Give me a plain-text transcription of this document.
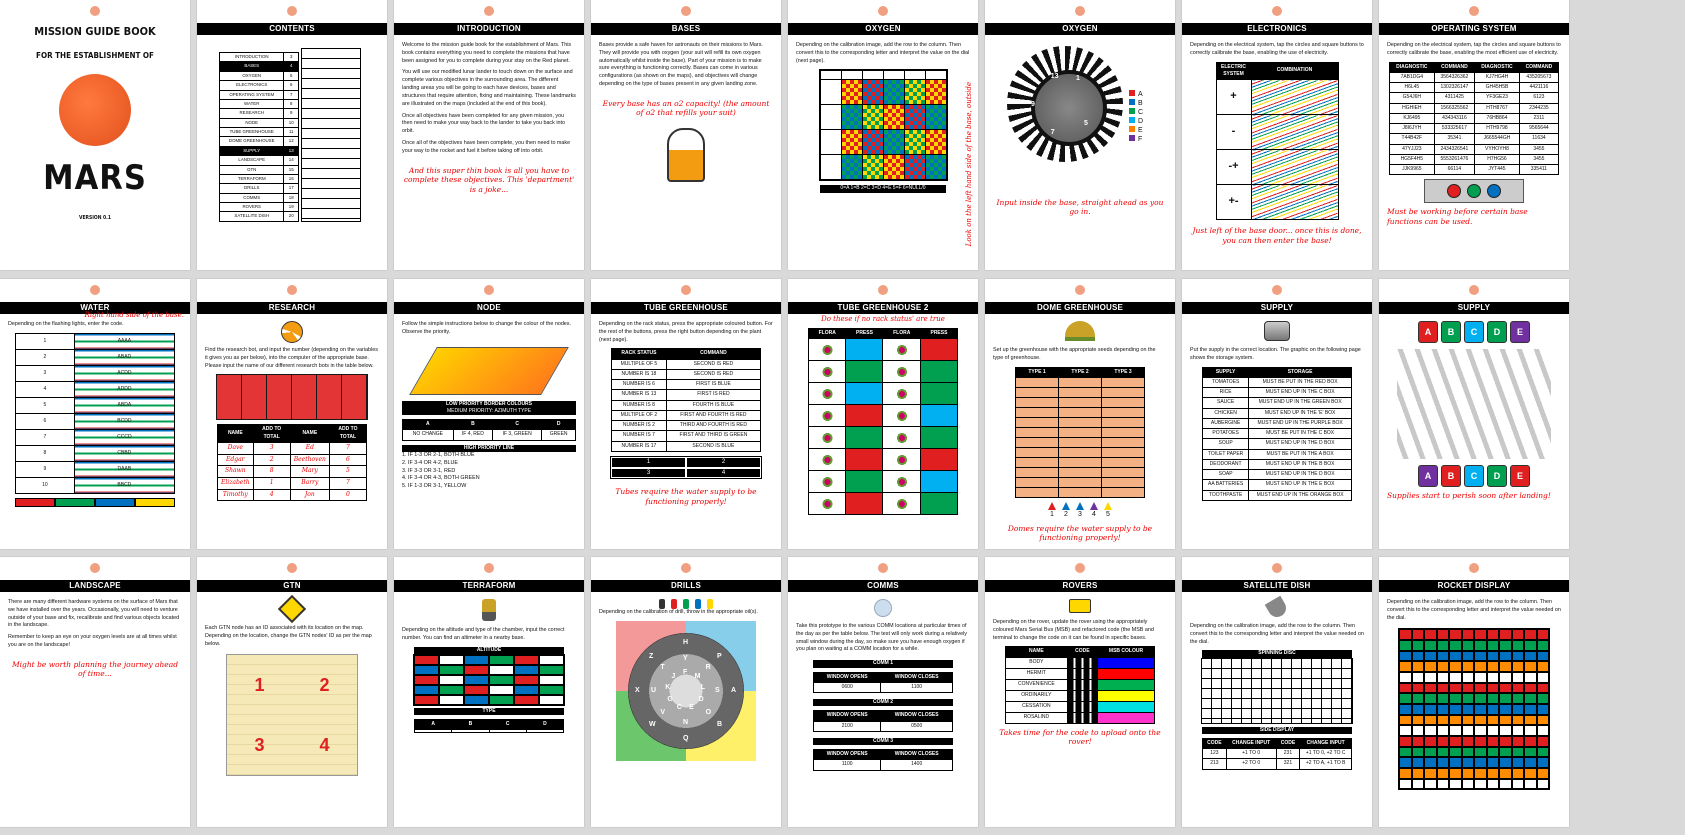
MISSION GUIDE BOOK
FOR THE ESTABLISHMENT OF
MARS
VERSION 0.1
CONTENTS
INTRODUCTION	3
BASES	4
OXYGEN	5
ELECTRONICS	6
OPERATING SYSTEM	7
WATER	8
RESEARCH	9
NODE	10
TUBE GREENHOUSE	11
DOME GREENHOUSE	12
SUPPLY	13
LANDSCAPE	14
GTN	15
TERRAFORM	16
DRILLS	17
COMMS	18
ROVERS	19
SATELLITE DISH	20
INTRODUCTION

Welcome to the mission guide book for the establishment of Mars. This book contains everything you need to complete the missions that have been assigned for you to complete during your stay on the Red planet.

You will use our modified lunar lander to touch down on the surface and complete various objectives in the surrounding area. The different landing areas you will be going to each have devices, bases and structures that require attention, fixing and maintaining. These landmarks are illustrated on the maps (included at the end of this book).

Once all objectives have been completed for any given mission, you then need to make your way back to the lander to take you back into orbit.

Once all of the objectives have been complete, you then need to make your way to the rocket and fuel it before taking off into orbit.

And this super thin book is all you have to complete these objectives. This 'department' is a joke...
BASES

Bases provide a safe haven for astronauts on their missions to Mars. They will provide you with oxygen (your suit will refill its own oxygen automatically whilst inside the base). Part of your mission is to make sure everything is functioning correctly. Bases can come in various configurations (as shown on the maps), and objectives will change depending on the type of bases present in any given landing zone.

Every base has an o2 capacity! (the amount of o2 that refills your suit)
OXYGEN

Depending on the calibration image, add the row to the column. Then convert this to the corresponding letter and interpret the value on the dial (next page).

0=A 1=B 2=C 3=D 4=E 5=F 6=NULL/0	Look on the left hand side of the base, outside
OXYGEN
1
5
7
9
13
A
B
C
D
E
F
Input inside the base, straight ahead as you go in.
ELECTRONICS

Depending on the electrical system, tap the circles and square buttons to correctly calibrate the base, enabling the use of electricity.

ELECTRIC SYSTEM	COMBINATION
+	
-	
-+	
+-	
Just left of the base door... once this is done, you can then enter the base!
OPERATING SYSTEM

Depending on the electrical system, tap the circles and square buttons to correctly calibrate the base, enabling the most efficient use of electricity.

DIAGNOSTIC	COMMAND	DIAGNOSTIC	COMMAND
7AB1DG4	3564326362	KJ7HG4H	435205673
H6L45	1302326147	GH45H5B	4421116
G54J6H	4311425	YF3GE23	6123
HGHIEH	1566325562	HTH8767	2344235
KJ6495	434343116	76HB864	2311
J8I6JYH	533325617	HTH9798	9565644
T44B42F	35341	J665544GH	11634
47YJJ23	2434326541	VYHOYH8	3455
HG5F4H5	5553261476	H7HG56	3455
JJK9965	66114	JYT445	335411
Must be working before certain base functions can be used.
WATER

Depending on the flashing lights, enter the code.

Right hand side of the base.
1	AAAA
2	ABAD
3	ACDD
4	ADDD
5	ABDA
6	BCDD
7	CCCD
8	CBBD
9	DAAB
10	BBCD
RESEARCH

Find the research bot, and input the number (depending on the variables it gives you as per below), into the computer of the appropriate base. Please input the name of our different research bots in the table below.

NAME	ADD TO TOTAL	NAME	ADD TO TOTAL
Dave	3	Ed	7
Edgar	2	Beethoven	6
Shawn	8	Mary	5
Elizabeth	1	Barry	7
Timothy	4	Jon	0
NODE

Follow the simple instructions below to change the colour of the nodes. Observe the priority.

LOW PRIORITY BORDER COLOURS
MEDIUM PRIORITY: AZIMUTH TYPE
A	B	C	D
NO CHANGE	IF 4, RED	IF 3, GREEN	GREEN
HIGH PRIORITY LINE
1. IF 1-3 OR 2-1, BOTH BLUE
2. IF 3-4 OR 4-2, BLUE
3. IF 3-3 OR 3-1, RED
4. IF 3-4 OR 4-3, BOTH GREEN
5. IF 1-3 OR 3-1, YELLOW
TUBE GREENHOUSE

Depending on the rack status, press the appropriate coloured button. For the rest of the buttons, press the right button depending on the plant (next page).

RACK STATUS	COMMAND
MULTIPLE OF 5	SECOND IS RED
NUMBER IS 18	SECOND IS RED
NUMBER IS 6	FIRST IS BLUE
NUMBER IS 13	FIRST IS RED
NUMBER IS 8	FOURTH IS BLUE
MULTIPLE OF 2	FIRST AND FOURTH IS RED
NUMBER IS 2	THIRD AND FOURTH IS RED
NUMBER IS 7	FIRST AND THIRD IS GREEN
NUMBER IS 17	SECOND IS BLUE
1	2
3	4
Tubes require the water supply to be functioning properly!
TUBE GREENHOUSE 2
Do these if no rack status' are true
FLORA	PRESS	FLORA	PRESS

DOME GREENHOUSE

Set up the greenhouse with the appropriate seeds depending on the type of greenhouse.

TYPE 1	TYPE 2	TYPE 3

1 2 3 4 5
Domes require the water supply to be functioning properly!
SUPPLY

Put the supply in the correct location. The graphic on the following page shows the storage system.

SUPPLY	STORAGE
TOMATOES	MUST BE PUT IN THE RED BOX
RICE	MUST END UP IN THE C BOX
SAUCE	MUST END UP IN THE GREEN BOX
CHICKEN	MUST END UP IN THE 'E' BOX
AUBERGINE	MUST END UP IN THE PURPLE BOX
POTATOES	MUST BE PUT IN THE C BOX
SOUP	MUST END UP IN THE D BOX
TOILET PAPER	MUST BE PUT IN THE A BOX
DEODORANT	MUST END UP IN THE B BOX
SOAP	MUST END UP IN THE D BOX
AA BATTERIES	MUST END UP IN THE E BOX
TOOTHPASTE	MUST END UP IN THE ORANGE BOX
SUPPLY
A	B	C	D	E
A	B	C	D	E
Supplies start to perish soon after landing!
LANDSCAPE

There are many different hardware systems on the surface of Mars that we have installed over the years. Occasionally, you will need to venture outside of your base and fix, recalibrate and find various objects located in the landscape.

Remember to keep an eye on your oxygen levels are at all times whilst you are on the landscape!

Might be worth planning the journey ahead of time...
GTN

Each GTN node has an ID associated with its location on the map. Depending on the location, change the GTN nodes' ID as per the map below.

1	2
3	4
TERRAFORM

Depending on the altitude and type of the chamber, input the correct number. You can find an altimeter in a nearby base.

ALTITUDE
TYPE
A	B	C	D

DRILLS

Depending on the calibration of drill, throw in the appropriate oil(s).

H
P
A
B
Q
W
X
Z	Y
R
S
O
N
V
U
T
F
M
L
D
E
C
G
K
J
COMMS

Take this prototype to the various COMM locations at particular times of the day as per the table below. The test will only work during a relatively small window during the day, so make sure you have enough oxygen if you plan on waiting at a COMM location for a while.

COMM 1
WINDOW OPENS	WINDOW CLOSES
0600	1100
COMM 2
WINDOW OPENS	WINDOW CLOSES
2100	0500
COMM 3
WINDOW OPENS	WINDOW CLOSES
1100	1400
ROVERS

Depending on the rover, update the rover using the appropriately coloured Mars Serial Bus (MSB) and refactored code (the MSB and terminal to change the code on it can be found in specific bases.

NAME	CODE	MSB COLOUR
BODY		
HERMIT		
CONVENIENCE		
ORDINARILY		
CESSATION		
ROSALIND		
Takes time for the code to upload onto the rover!
SATELLITE DISH

Depending on the calibration image, add the row to the column. Then convert this to the corresponding letter and interpret the value needed on the dial.

SPINNING DISC
SIDE DISPLAY
CODE	CHANGE INPUT	CODE	CHANGE INPUT
123	+1 TO 0	231	+1 TO 0, +2 TO C
213	+2 TO 0	321	+2 TO A, +1 TO B
ROCKET DISPLAY

Depending on the calibration image, add the row to the column. Then convert this to the corresponding letter and interpret the value needed on the dial.
